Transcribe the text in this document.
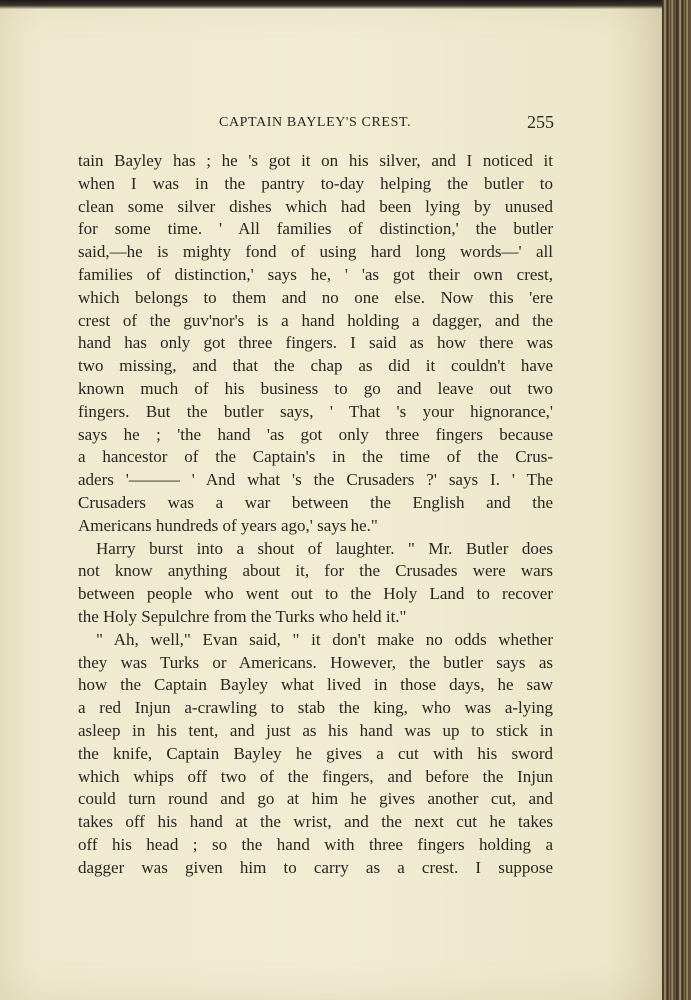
CAPTAIN BAYLEY'S CREST.	255
tain Bayley has ; he 's got it on his silver, and I noticed it
when I was in the pantry to-day helping the butler to
clean some silver dishes which had been lying by unused
for some time. ' All families of distinction,' the butler
said,—he is mighty fond of using hard long words—' all
families of distinction,' says he, ' 'as got their own crest,
which belongs to them and no one else. Now this 'ere
crest of the guv'nor's is a hand holding a dagger, and the
hand has only got three fingers. I said as how there was
two missing, and that the chap as did it couldn't have
known much of his business to go and leave out two
fingers. But the butler says, ' That 's your hignorance,'
says he ; 'the hand 'as got only three fingers because
a hancestor of the Captain's in the time of the Crus-
aders '——— ' And what 's the Crusaders ?' says I. ' The
Crusaders was a war between the English and the
Americans hundreds of years ago,' says he."
Harry burst into a shout of laughter. " Mr. Butler does
not know anything about it, for the Crusades were wars
between people who went out to the Holy Land to recover
the Holy Sepulchre from the Turks who held it."
" Ah, well," Evan said, " it don't make no odds whether
they was Turks or Americans. However, the butler says as
how the Captain Bayley what lived in those days, he saw
a red Injun a-crawling to stab the king, who was a-lying
asleep in his tent, and just as his hand was up to stick in
the knife, Captain Bayley he gives a cut with his sword
which whips off two of the fingers, and before the Injun
could turn round and go at him he gives another cut, and
takes off his hand at the wrist, and the next cut he takes
off his head ; so the hand with three fingers holding a
dagger was given him to carry as a crest. I suppose
